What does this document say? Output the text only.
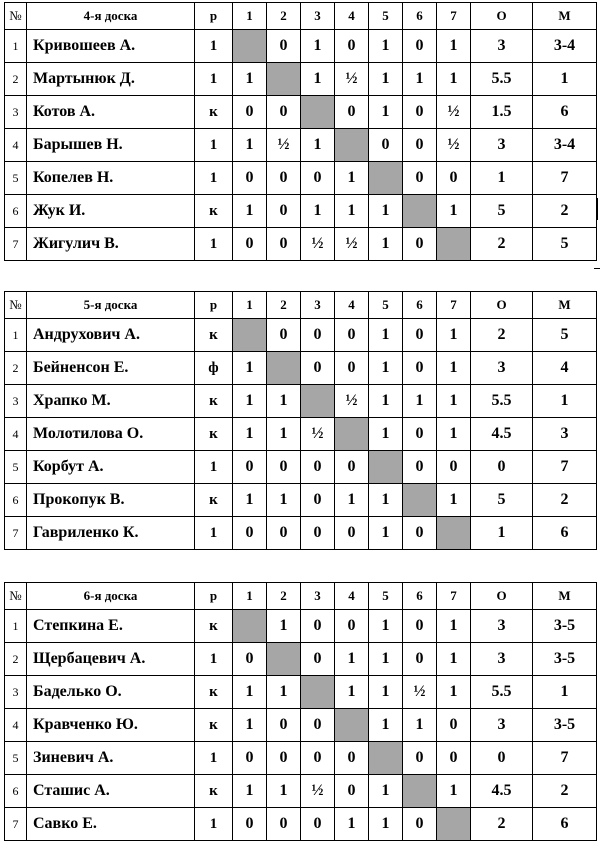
№	4-я доска	р	1	2	3	4	5	6	7	О	М
1	Кривошеев А.	1		0	1	0	1	0	1	3	3-4
2	Мартынюк Д.	1	1		1	½	1	1	1	5.5	1
3	Котов А.	к	0	0		0	1	0	½	1.5	6
4	Барышев Н.	1	1	½	1		0	0	½	3	3-4
5	Копелев Н.	1	0	0	0	1		0	0	1	7
6	Жук И.	к	1	0	1	1	1		1	5	2
7	Жигулич В.	1	0	0	½	½	1	0		2	5
№	5-я доска	р	1	2	3	4	5	6	7	О	М
1	Андрухович А.	к		0	0	0	1	0	1	2	5
2	Бейненсон Е.	ф	1		0	0	1	0	1	3	4
3	Храпко М.	к	1	1		½	1	1	1	5.5	1
4	Молотилова О.	к	1	1	½		1	0	1	4.5	3
5	Корбут А.	1	0	0	0	0		0	0	0	7
6	Прокопук В.	к	1	1	0	1	1		1	5	2
7	Гавриленко К.	1	0	0	0	0	1	0		1	6
№	6-я доска	р	1	2	3	4	5	6	7	О	М
1	Степкина Е.	к		1	0	0	1	0	1	3	3-5
2	Щербацевич А.	1	0		0	1	1	0	1	3	3-5
3	Баделько О.	к	1	1		1	1	½	1	5.5	1
4	Кравченко Ю.	к	1	0	0		1	1	0	3	3-5
5	Зиневич А.	1	0	0	0	0		0	0	0	7
6	Сташис А.	к	1	1	½	0	1		1	4.5	2
7	Савко Е.	1	0	0	0	1	1	0		2	6
